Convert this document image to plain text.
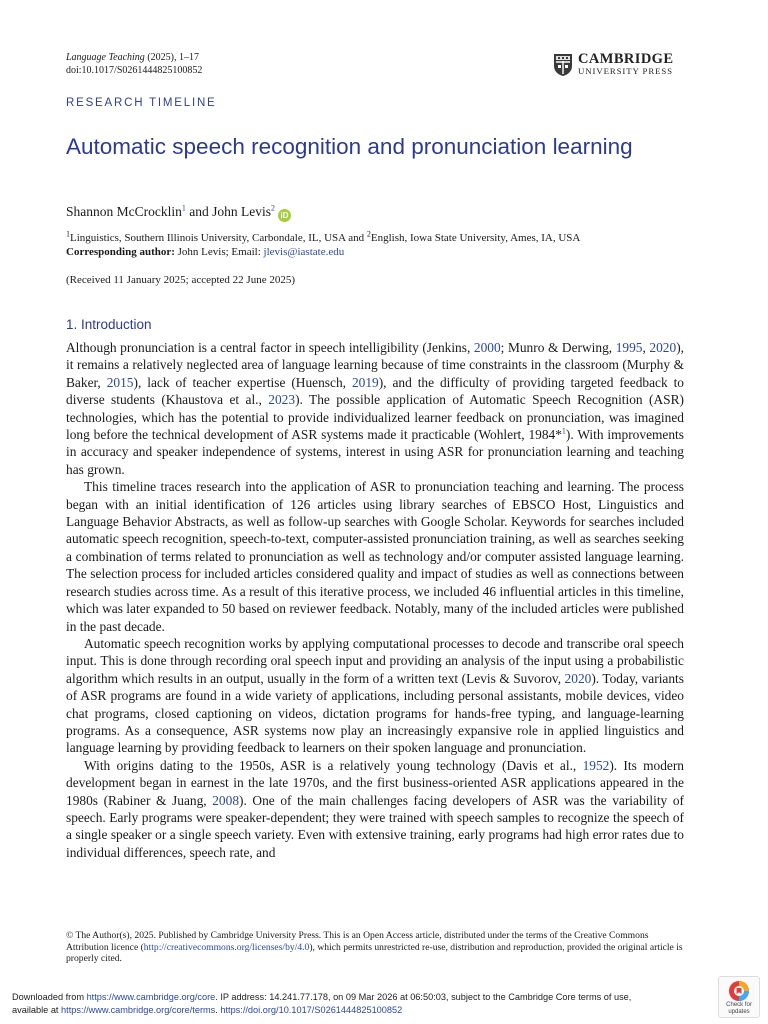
Language Teaching (2025), 1–17
doi:10.1017/S0261444825100852
CAMBRIDGE
UNIVERSITY PRESS
RESEARCH TIMELINE
Automatic speech recognition and pronunciation learning
Shannon McCrocklin$^1$ and John Levis$^2$iD
$^1$Linguistics, Southern Illinois University, Carbondale, IL, USA and $^2$English, Iowa State University, Ames, IA, USA
Corresponding author: John Levis; Email: jlevis@iastate.edu
(Received 11 January 2025; accepted 22 June 2025)
1. Introduction

Although pronunciation is a central factor in speech intelligibility (Jenkins, 2000; Munro & Derwing, 1995, 2020), it remains a relatively neglected area of language learning because of time constraints in the classroom (Murphy & Baker, 2015), lack of teacher expertise (Huensch, 2019), and the difficulty of providing targeted feedback to diverse students (Khaustova et al., 2023). The possible application of Automatic Speech Recognition (ASR) technologies, which has the potential to provide individualized learner feedback on pronunciation, was imagined long before the technical development of ASR systems made it practicable (Wohlert, 1984*$^1$). With improvements in accuracy and speaker independence of systems, interest in using ASR for pronunciation learning and teaching has grown.

This timeline traces research into the application of ASR to pronunciation teaching and learning. The process began with an initial identification of 126 articles using library searches of EBSCO Host, Linguistics and Language Behavior Abstracts, as well as follow-up searches with Google Scholar. Keywords for searches included automatic speech recognition, speech-to-text, computer-assisted pronunciation training, as well as searches seeking a combination of terms related to pronunciation as well as technology and/or computer assisted language learning. The selection process for included articles considered quality and impact of studies as well as connections between research studies across time. As a result of this iterative process, we included 46 influential articles in this timeline, which was later expanded to 50 based on reviewer feedback. Notably, many of the included articles were published in the past decade.

Automatic speech recognition works by applying computational processes to decode and transcribe oral speech input. This is done through recording oral speech input and providing an analysis of the input using a probabilistic algorithm which results in an output, usually in the form of a written text (Levis & Suvorov, 2020). Today, variants of ASR programs are found in a wide variety of applications, including personal assistants, mobile devices, video chat programs, closed captioning on videos, dictation programs for hands-free typing, and language-learning programs. As a consequence, ASR systems now play an increasingly expansive role in applied linguistics and language learning by providing feedback to learners on their spoken language and pronunciation.

With origins dating to the 1950s, ASR is a relatively young technology (Davis et al., 1952). Its modern development began in earnest in the late 1970s, and the first business-oriented ASR applications appeared in the 1980s (Rabiner & Juang, 2008). One of the main challenges facing developers of ASR was the variability of speech. Early programs were speaker-dependent; they were trained with speech samples to recognize the speech of a single speaker or a single speech variety. Even with extensive training, early programs had high error rates due to individual differences, speech rate, and

© The Author(s), 2025. Published by Cambridge University Press. This is an Open Access article, distributed under the terms of the Creative Commons Attribution licence (http://creativecommons.org/licenses/by/4.0), which permits unrestricted re-use, distribution and reproduction, provided the original article is properly cited.
Downloaded from https://www.cambridge.org/core. IP address: 14.241.77.178, on 09 Mar 2026 at 06:50:03, subject to the Cambridge Core terms of use,
available at https://www.cambridge.org/core/terms. https://doi.org/10.1017/S0261444825100852	Check for
updates
